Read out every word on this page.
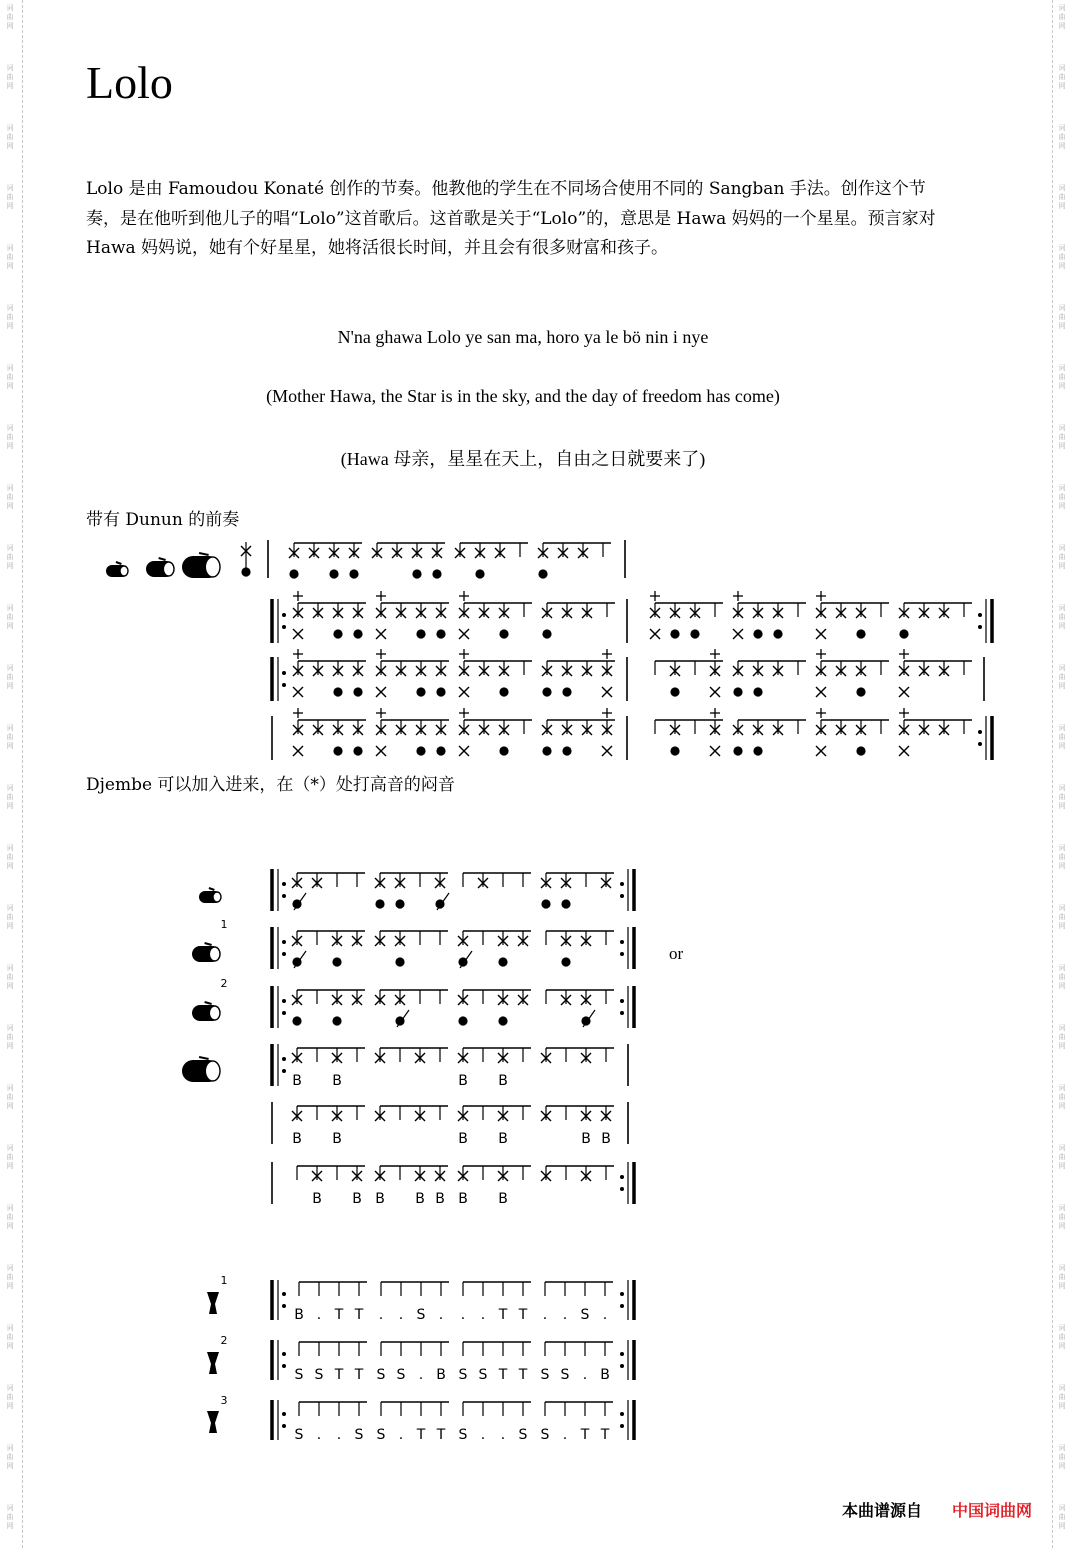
词
曲
网
词
曲
网
词
曲
网
词
曲
网
词
曲
网
词
曲
网
词
曲
网
词
曲
网
词
曲
网
词
曲
网
词
曲
网
词
曲
网
词
曲
网
词
曲
网
词
曲
网
词
曲
网
词
曲
网
词
曲
网
词
曲
网
词
曲
网
词
曲
网
词
曲
网
词
曲
网
词
曲
网
词
曲
网
词
曲
网
词
曲
网
词
曲
网
词
曲
网
词
曲
网
词
曲
网
词
曲
网
词
曲
网
词
曲
网
词
曲
网
词
曲
网
词
曲
网
词
曲
网
词
曲
网
词
曲
网
词
曲
网
词
曲
网
词
曲
网
词
曲
网
词
曲
网
词
曲
网
词
曲
网
词
曲
网
词
曲
网
词
曲
网
词
曲
网
词
曲
网
Lolo

Lolo 是由 Famoudou Konaté 创作的节奏。他教他的学生在不同场合使用不同的 Sangban 手法。创作这个节奏，是在他听到他儿子的唱“Lolo”这首歌后。这首歌是关于“Lolo”的，意思是 Hawa 妈妈的一个星星。预言家对 Hawa 妈妈说，她有个好星星，她将活很长时间，并且会有很多财富和孩子。

N'na ghawa Lolo ye san ma, horo ya le bö nin i nye

(Mother Hawa, the Star is in the sky, and the day of freedom has come)

(Hawa 母亲，星星在天上，自由之日就要来了)

带有 Dunun 的前奏

Djembe 可以加入进来，在（*）处打高音的闷音

or
本曲谱源自 中国词曲网
1
2
B B	B B
B B	B B	B B
B B B B B B B
1
B . T T . . S . . . T T . . S .
2
S S T T S S . B S S T T S S . B
3
S . . S S . T T S . . S S . T T
